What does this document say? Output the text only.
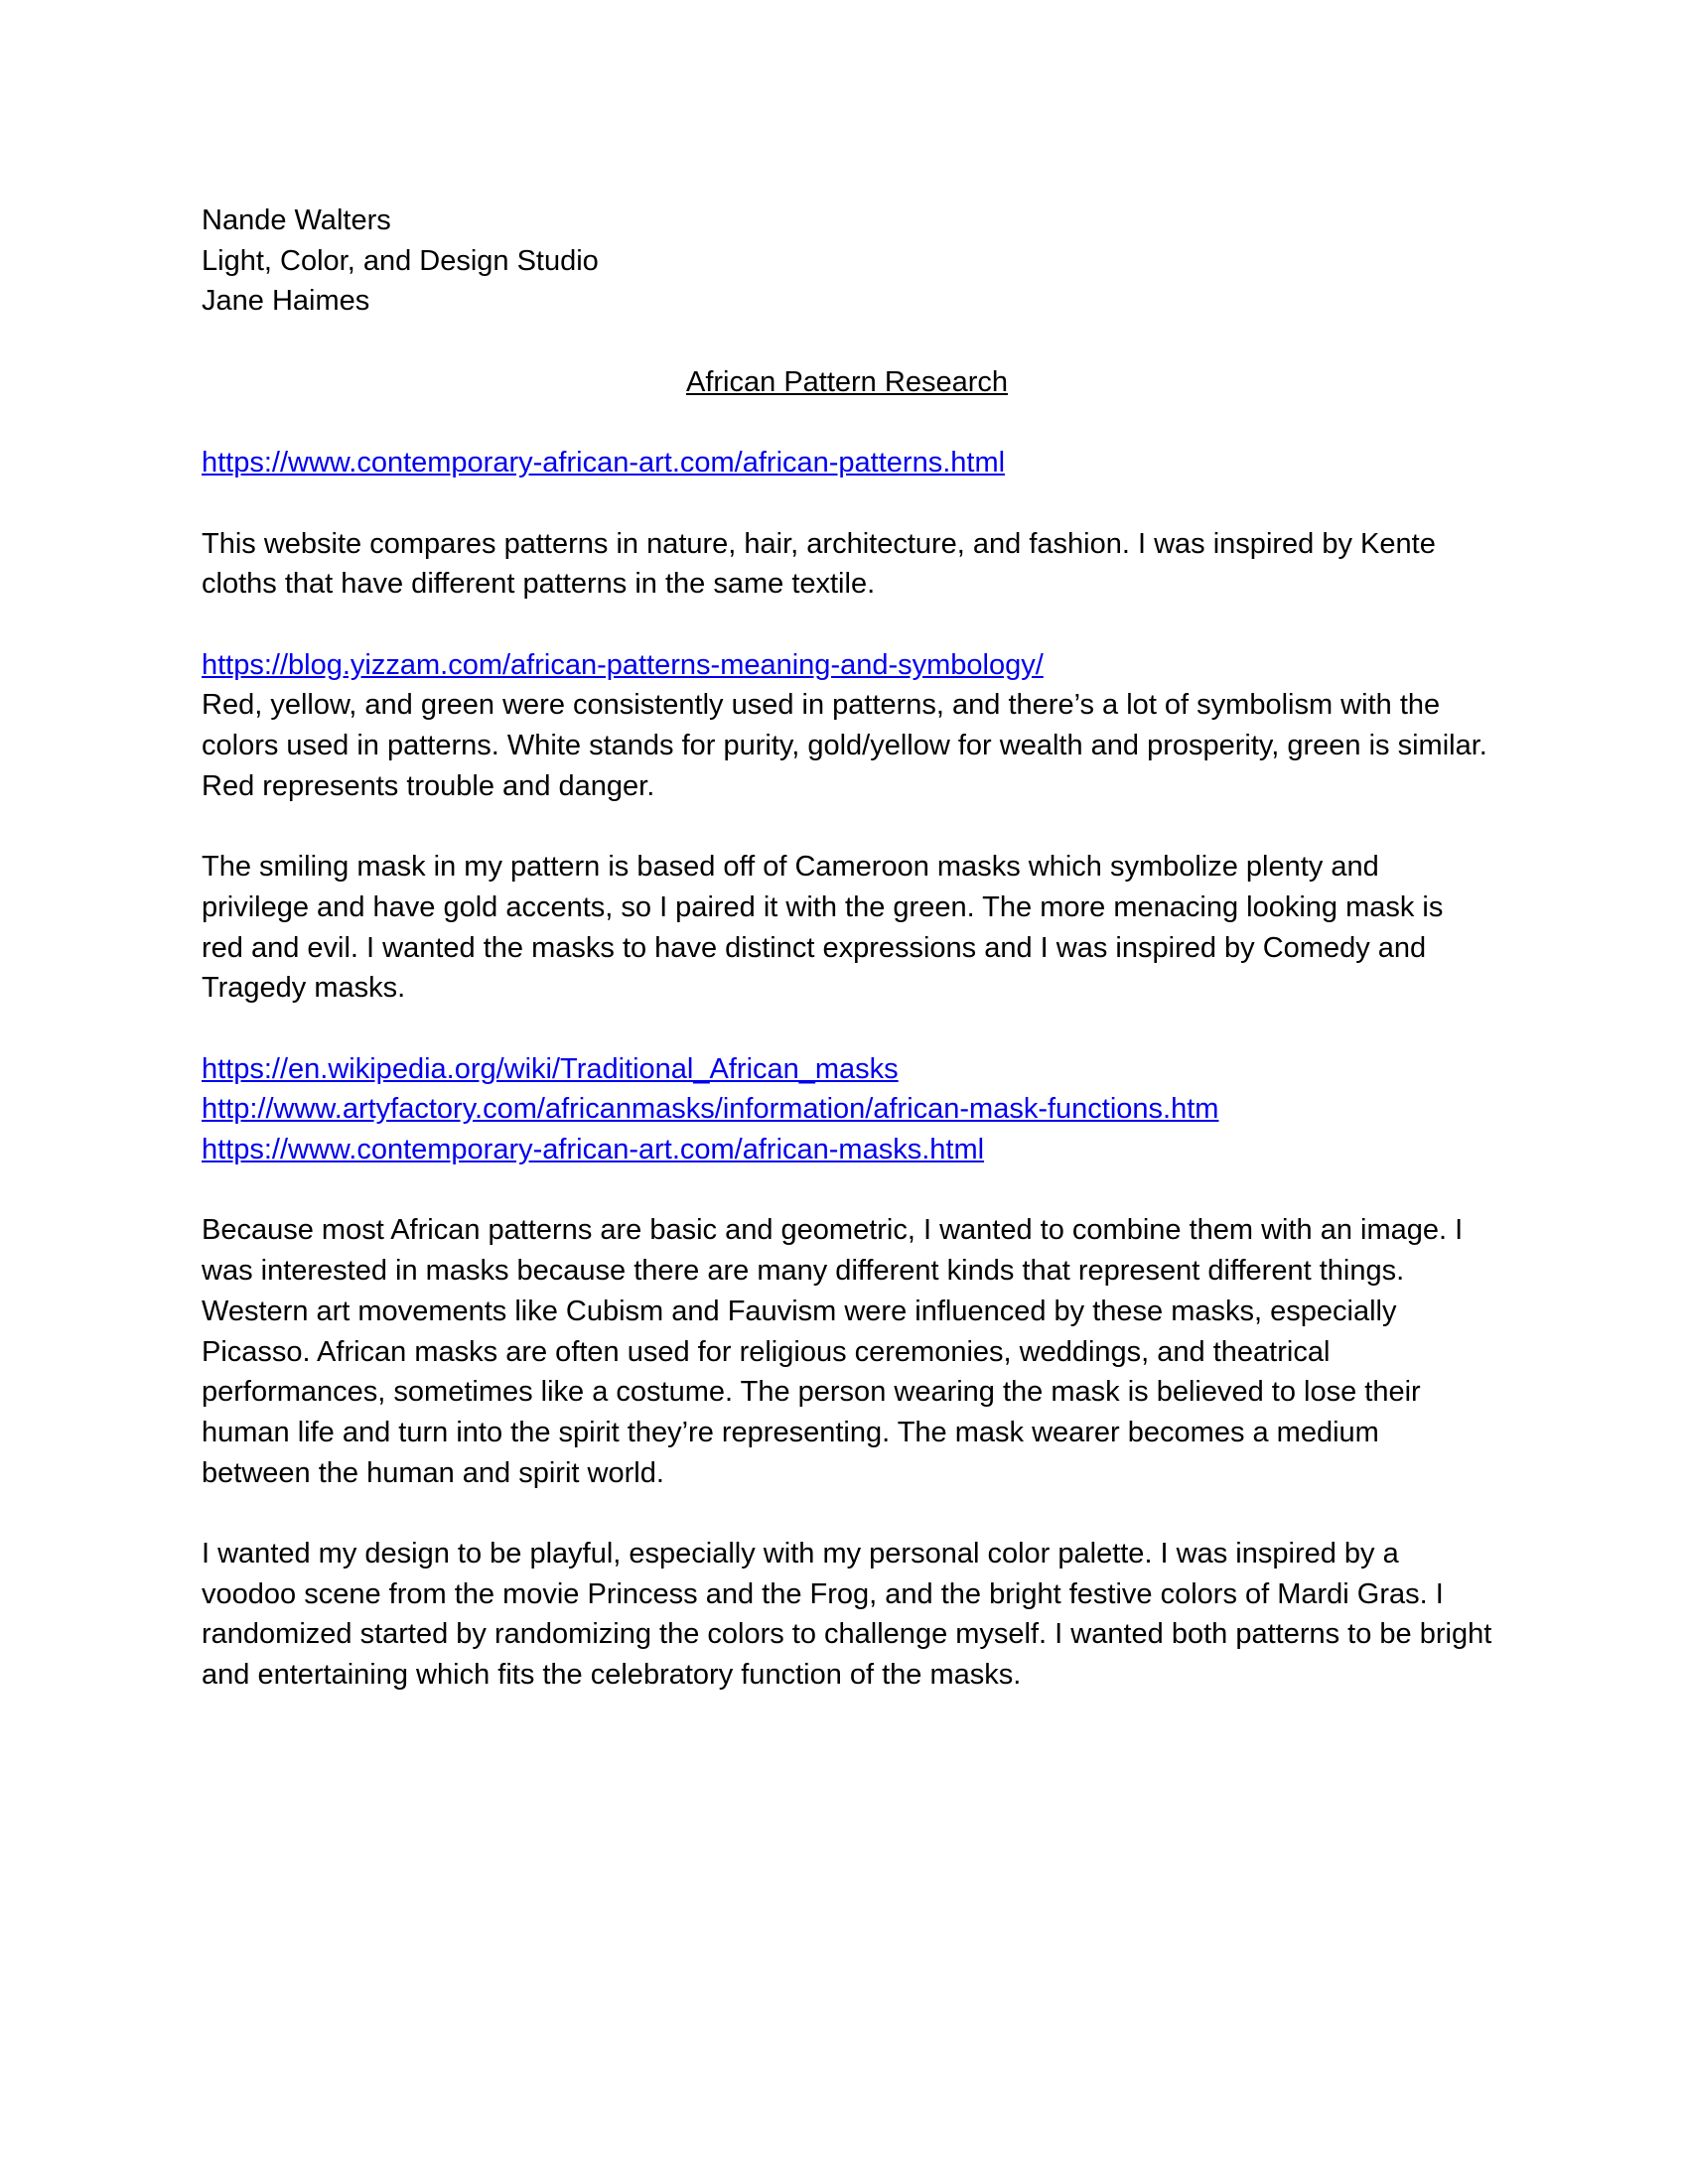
Nande Walters
Light, Color, and Design Studio
Jane Haimes
African Pattern Research
https://www.contemporary-african-art.com/african-patterns.html

This website compares patterns in nature, hair, architecture, and fashion. I was inspired by Kente cloths that have different patterns in the same textile.

https://blog.yizzam.com/african-patterns-meaning-and-symbology/

Red, yellow, and green were consistently used in patterns, and there’s a lot of symbolism with the colors used in patterns. White stands for purity, gold/yellow for wealth and prosperity, green is similar. Red represents trouble and danger.

The smiling mask in my pattern is based off of Cameroon masks which symbolize plenty and privilege and have gold accents, so I paired it with the green. The more menacing looking mask is red and evil. I wanted the masks to have distinct expressions and I was inspired by Comedy and Tragedy masks.

https://en.wikipedia.org/wiki/Traditional_African_masks
http://www.artyfactory.com/africanmasks/information/african-mask-functions.htm
https://www.contemporary-african-art.com/african-masks.html

Because most African patterns are basic and geometric, I wanted to combine them with an image. I was interested in masks because there are many different kinds that represent different things. Western art movements like Cubism and Fauvism were influenced by these masks, especially Picasso. African masks are often used for religious ceremonies, weddings, and theatrical performances, sometimes like a costume. The person wearing the mask is believed to lose their human life and turn into the spirit they’re representing. The mask wearer becomes a medium between the human and spirit world.

I wanted my design to be playful, especially with my personal color palette. I was inspired by a voodoo scene from the movie Princess and the Frog, and the bright festive colors of Mardi Gras. I randomized started by randomizing the colors to challenge myself. I wanted both patterns to be bright and entertaining which fits the celebratory function of the masks.
